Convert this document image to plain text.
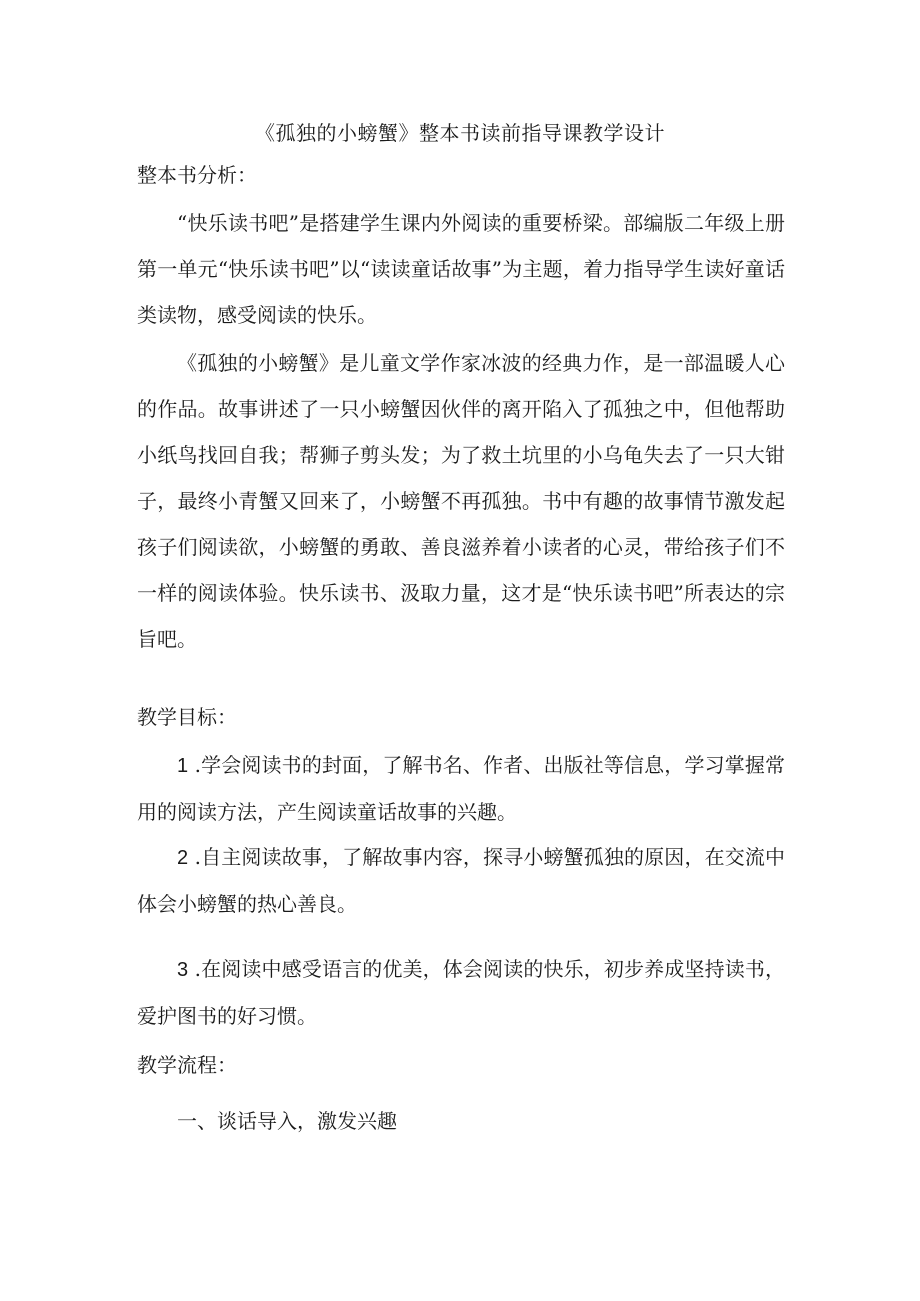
《孤独的小螃蟹》整本书读前指导课教学设计
整本书分析：

“快乐读书吧”是搭建学生课内外阅读的重要桥梁。部编版二年级上册第一单元“快乐读书吧”以“读读童话故事”为主题，着力指导学生读好童话类读物，感受阅读的快乐。

《孤独的小螃蟹》是儿童文学作家冰波的经典力作，是一部温暖人心的作品。故事讲述了一只小螃蟹因伙伴的离开陷入了孤独之中，但他帮助小纸鸟找回自我；帮狮子剪头发；为了救土坑里的小乌龟失去了一只大钳子，最终小青蟹又回来了，小螃蟹不再孤独。书中有趣的故事情节激发起孩子们阅读欲，小螃蟹的勇敢、善良滋养着小读者的心灵，带给孩子们不一样的阅读体验。快乐读书、汲取力量，这才是“快乐读书吧”所表达的宗旨吧。

教学目标：

1 .学会阅读书的封面，了解书名、作者、出版社等信息，学习掌握常用的阅读方法，产生阅读童话故事的兴趣。

2 .自主阅读故事，了解故事内容，探寻小螃蟹孤独的原因，在交流中体会小螃蟹的热心善良。

3 .在阅读中感受语言的优美，体会阅读的快乐，初步养成坚持读书，爱护图书的好习惯。

教学流程：
一、谈话导入，激发兴趣
